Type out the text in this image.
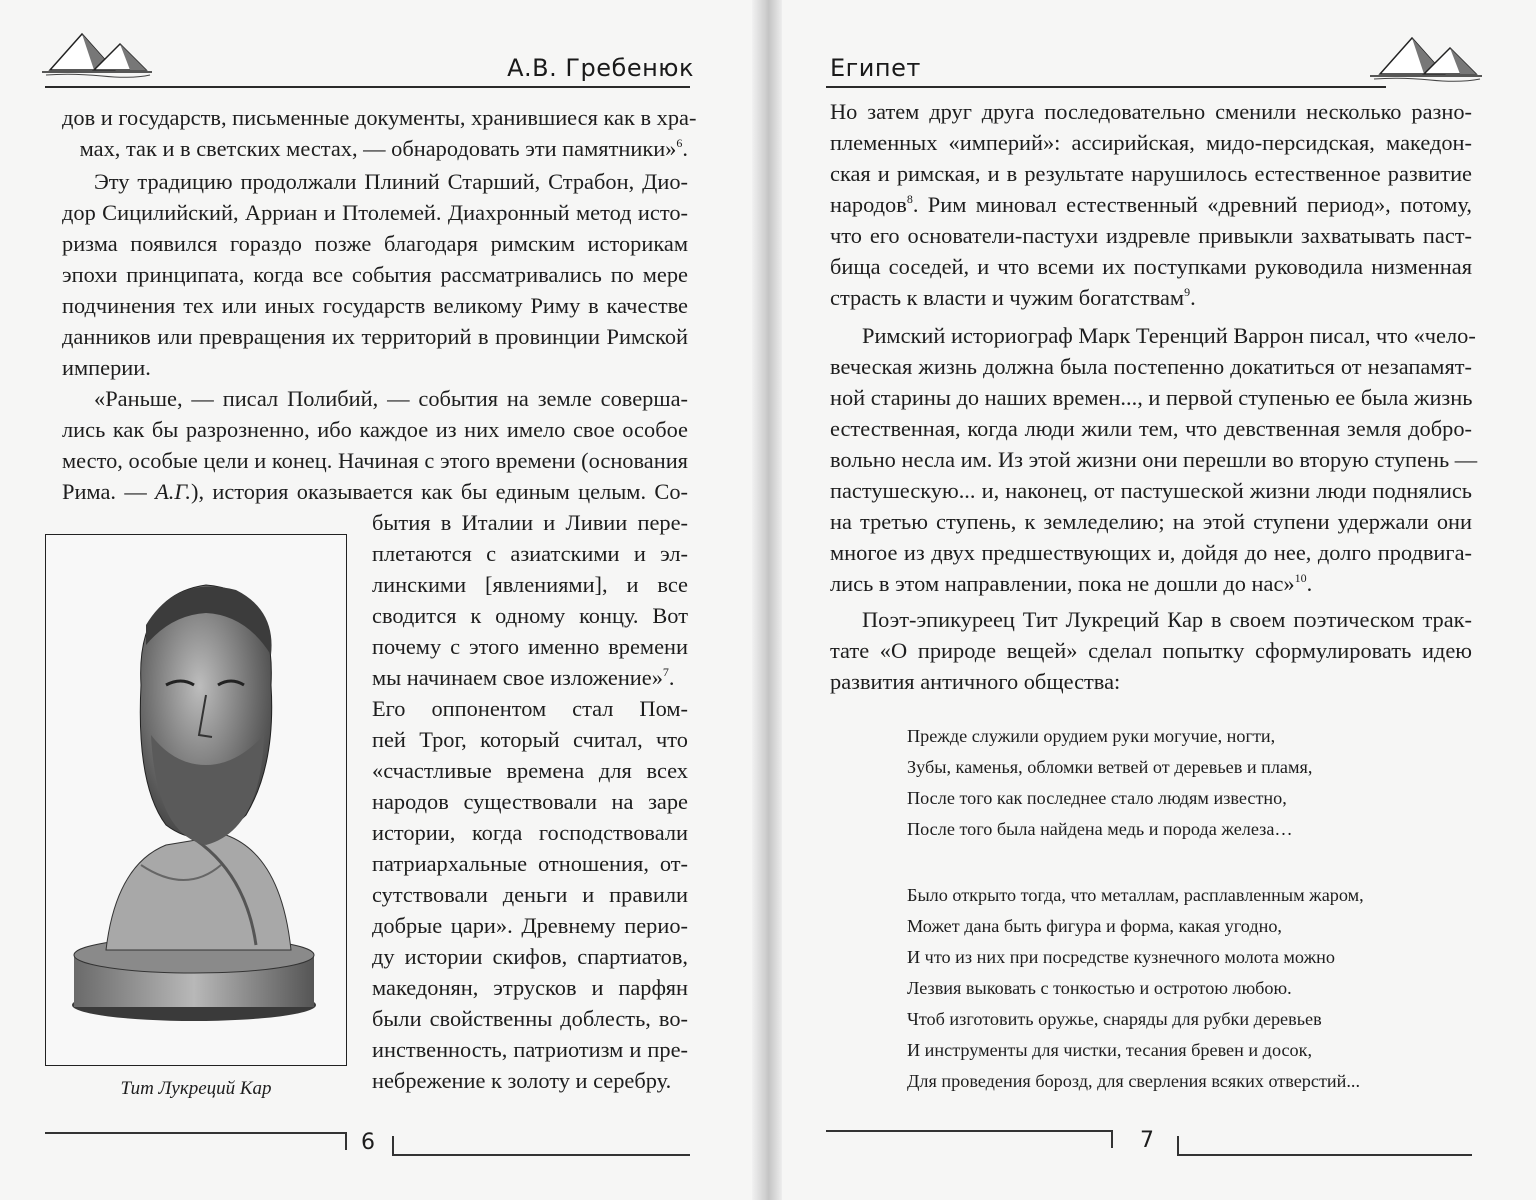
А.В. Гребенюк
дов и государств, письменные документы, хранившиеся как в хра-
мах, так и в светских местах, — обнародовать эти памятники»$^6$.
Эту традицию продолжали Плиний Старший, Страбон, Дио-
дор Сицилийский, Арриан и Птолемей. Диахронный метод исто-
ризма появился гораздо позже благодаря римским историкам
эпохи принципата, когда все события рассматривались по мере
подчинения тех или иных государств великому Риму в качестве
данников или превращения их территорий в провинции Римской
империи.
«Раньше, — писал Полибий, — события на земле соверша-
лись как бы разрозненно, ибо каждое из них имело свое особое
место, особые цели и конец. Начиная с этого времени (основания
Рима. — А.Г.), история оказывается как бы единым целым. Со-
бытия в Италии и Ливии пере-
плетаются с азиатскими и эл-
линскими [явлениями], и все
сводится к одному концу. Вот
почему с этого именно времени
мы начинаем свое изложение»$^7$.
Его оппонентом стал Пом-
пей Трог, который считал, что
«счастливые времена для всех
народов существовали на заре
истории, когда господствовали
патриархальные отношения, от-
сутствовали деньги и правили
добрые цари». Древнему перио-
ду истории скифов, спартиатов,
македонян, этрусков и парфян
были свойственны доблесть, во-
инственность, патриотизм и пре-
небрежение к золоту и серебру.
Тит Лукреций Кар
6
Египет
Но затем друг друга последовательно сменили несколько разно-
племенных «империй»: ассирийская, мидо-персидская, македон-
ская и римская, и в результате нарушилось естественное развитие
народов$^8$. Рим миновал естественный «древний период», потому,
что его основатели-пастухи издревле привыкли захватывать паст-
бища соседей, и что всеми их поступками руководила низменная
страсть к власти и чужим богатствам$^9$.
Римский историограф Марк Теренций Варрон писал, что «чело-
веческая жизнь должна была постепенно докатиться от незапамят-
ной старины до наших времен..., и первой ступенью ее была жизнь
естественная, когда люди жили тем, что девственная земля добро-
вольно несла им. Из этой жизни они перешли во вторую ступень —
пастушескую... и, наконец, от пастушеской жизни люди поднялись
на третью ступень, к земледелию; на этой ступени удержали они
многое из двух предшествующих и, дойдя до нее, долго продвига-
лись в этом направлении, пока не дошли до нас»$^{10}$.
Поэт-эпикуреец Тит Лукреций Кар в своем поэтическом трак-
тате «О природе вещей» сделал попытку сформулировать идею
развития античного общества:
Прежде служили орудием руки могучие, ногти,
Зубы, каменья, обломки ветвей от деревьев и пламя,
После того как последнее стало людям известно,
После того была найдена медь и порода железа…
Было открыто тогда, что металлам, расплавленным жаром,
Может дана быть фигура и форма, какая угодно,
И что из них при посредстве кузнечного молота можно
Лезвия выковать с тонкостью и остротою любою.
Чтоб изготовить оружье, снаряды для рубки деревьев
И инструменты для чистки, тесания бревен и досок,
Для проведения борозд, для сверления всяких отверстий...
7
